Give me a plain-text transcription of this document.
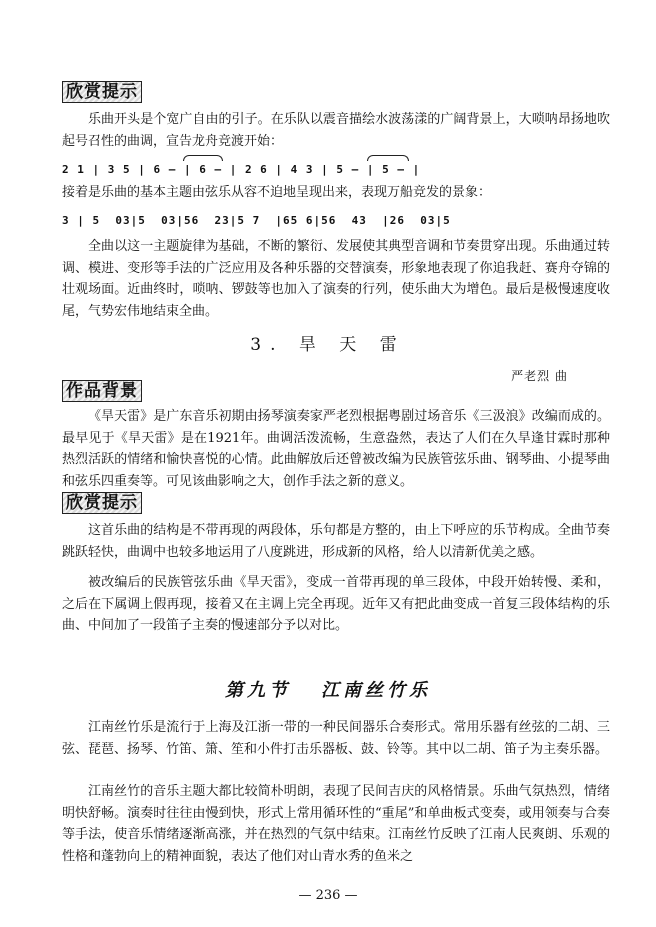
欣赏提示

乐曲开头是个宽广自由的引子。在乐队以震音描绘水波荡漾的广阔背景上，大唢呐昂扬地吹起号召性的曲调，宣告龙舟竞渡开始：

2 1 | 3 5 | 6 — | 6 — | 2 6 | 4 3 | 5 — | 5 — |

接着是乐曲的基本主题由弦乐从容不迫地呈现出来，表现万船竞发的景象：

3 | 5  03|5  03|56  23|5 7  |65 6|56  43  |26  03|5

全曲以这一主题旋律为基础，不断的繁衍、发展使其典型音调和节奏贯穿出现。乐曲通过转调、模进、变形等手法的广泛应用及各种乐器的交替演奏，形象地表现了你追我赶、赛舟夺锦的壮观场面。近曲终时，唢呐、锣鼓等也加入了演奏的行列，使乐曲大为增色。最后是极慢速度收尾，气势宏伟地结束全曲。

3. 旱 天 雷
严老烈 曲
作品背景

《旱天雷》是广东音乐初期由扬琴演奏家严老烈根据粤剧过场音乐《三汲浪》改编而成的。最早见于《旱天雷》是在1921年。曲调活泼流畅，生意盎然，表达了人们在久旱逢甘霖时那种热烈活跃的情绪和愉快喜悦的心情。此曲解放后还曾被改编为民族管弦乐曲、钢琴曲、小提琴曲和弦乐四重奏等。可见该曲影响之大，创作手法之新的意义。

欣赏提示

这首乐曲的结构是不带再现的两段体，乐句都是方整的，由上下呼应的乐节构成。全曲节奏跳跃轻快，曲调中也较多地运用了八度跳进，形成新的风格，给人以清新优美之感。

被改编后的民族管弦乐曲《旱天雷》，变成一首带再现的单三段体，中段开始转慢、柔和，之后在下属调上假再现，接着又在主调上完全再现。近年又有把此曲变成一首复三段体结构的乐曲、中间加了一段笛子主奏的慢速部分予以对比。

第九节 江南丝竹乐

江南丝竹乐是流行于上海及江浙一带的一种民间器乐合奏形式。常用乐器有丝弦的二胡、三弦、琵琶、扬琴、竹笛、箫、笙和小件打击乐器板、鼓、铃等。其中以二胡、笛子为主奏乐器。

江南丝竹的音乐主题大都比较简朴明朗，表现了民间吉庆的风格情景。乐曲气氛热烈，情绪明快舒畅。演奏时往往由慢到快，形式上常用循环性的“重尾”和单曲板式变奏，或用领奏与合奏等手法，使音乐情绪逐渐高涨，并在热烈的气氛中结束。江南丝竹反映了江南人民爽朗、乐观的性格和蓬勃向上的精神面貌，表达了他们对山青水秀的鱼米之

— 236 —
